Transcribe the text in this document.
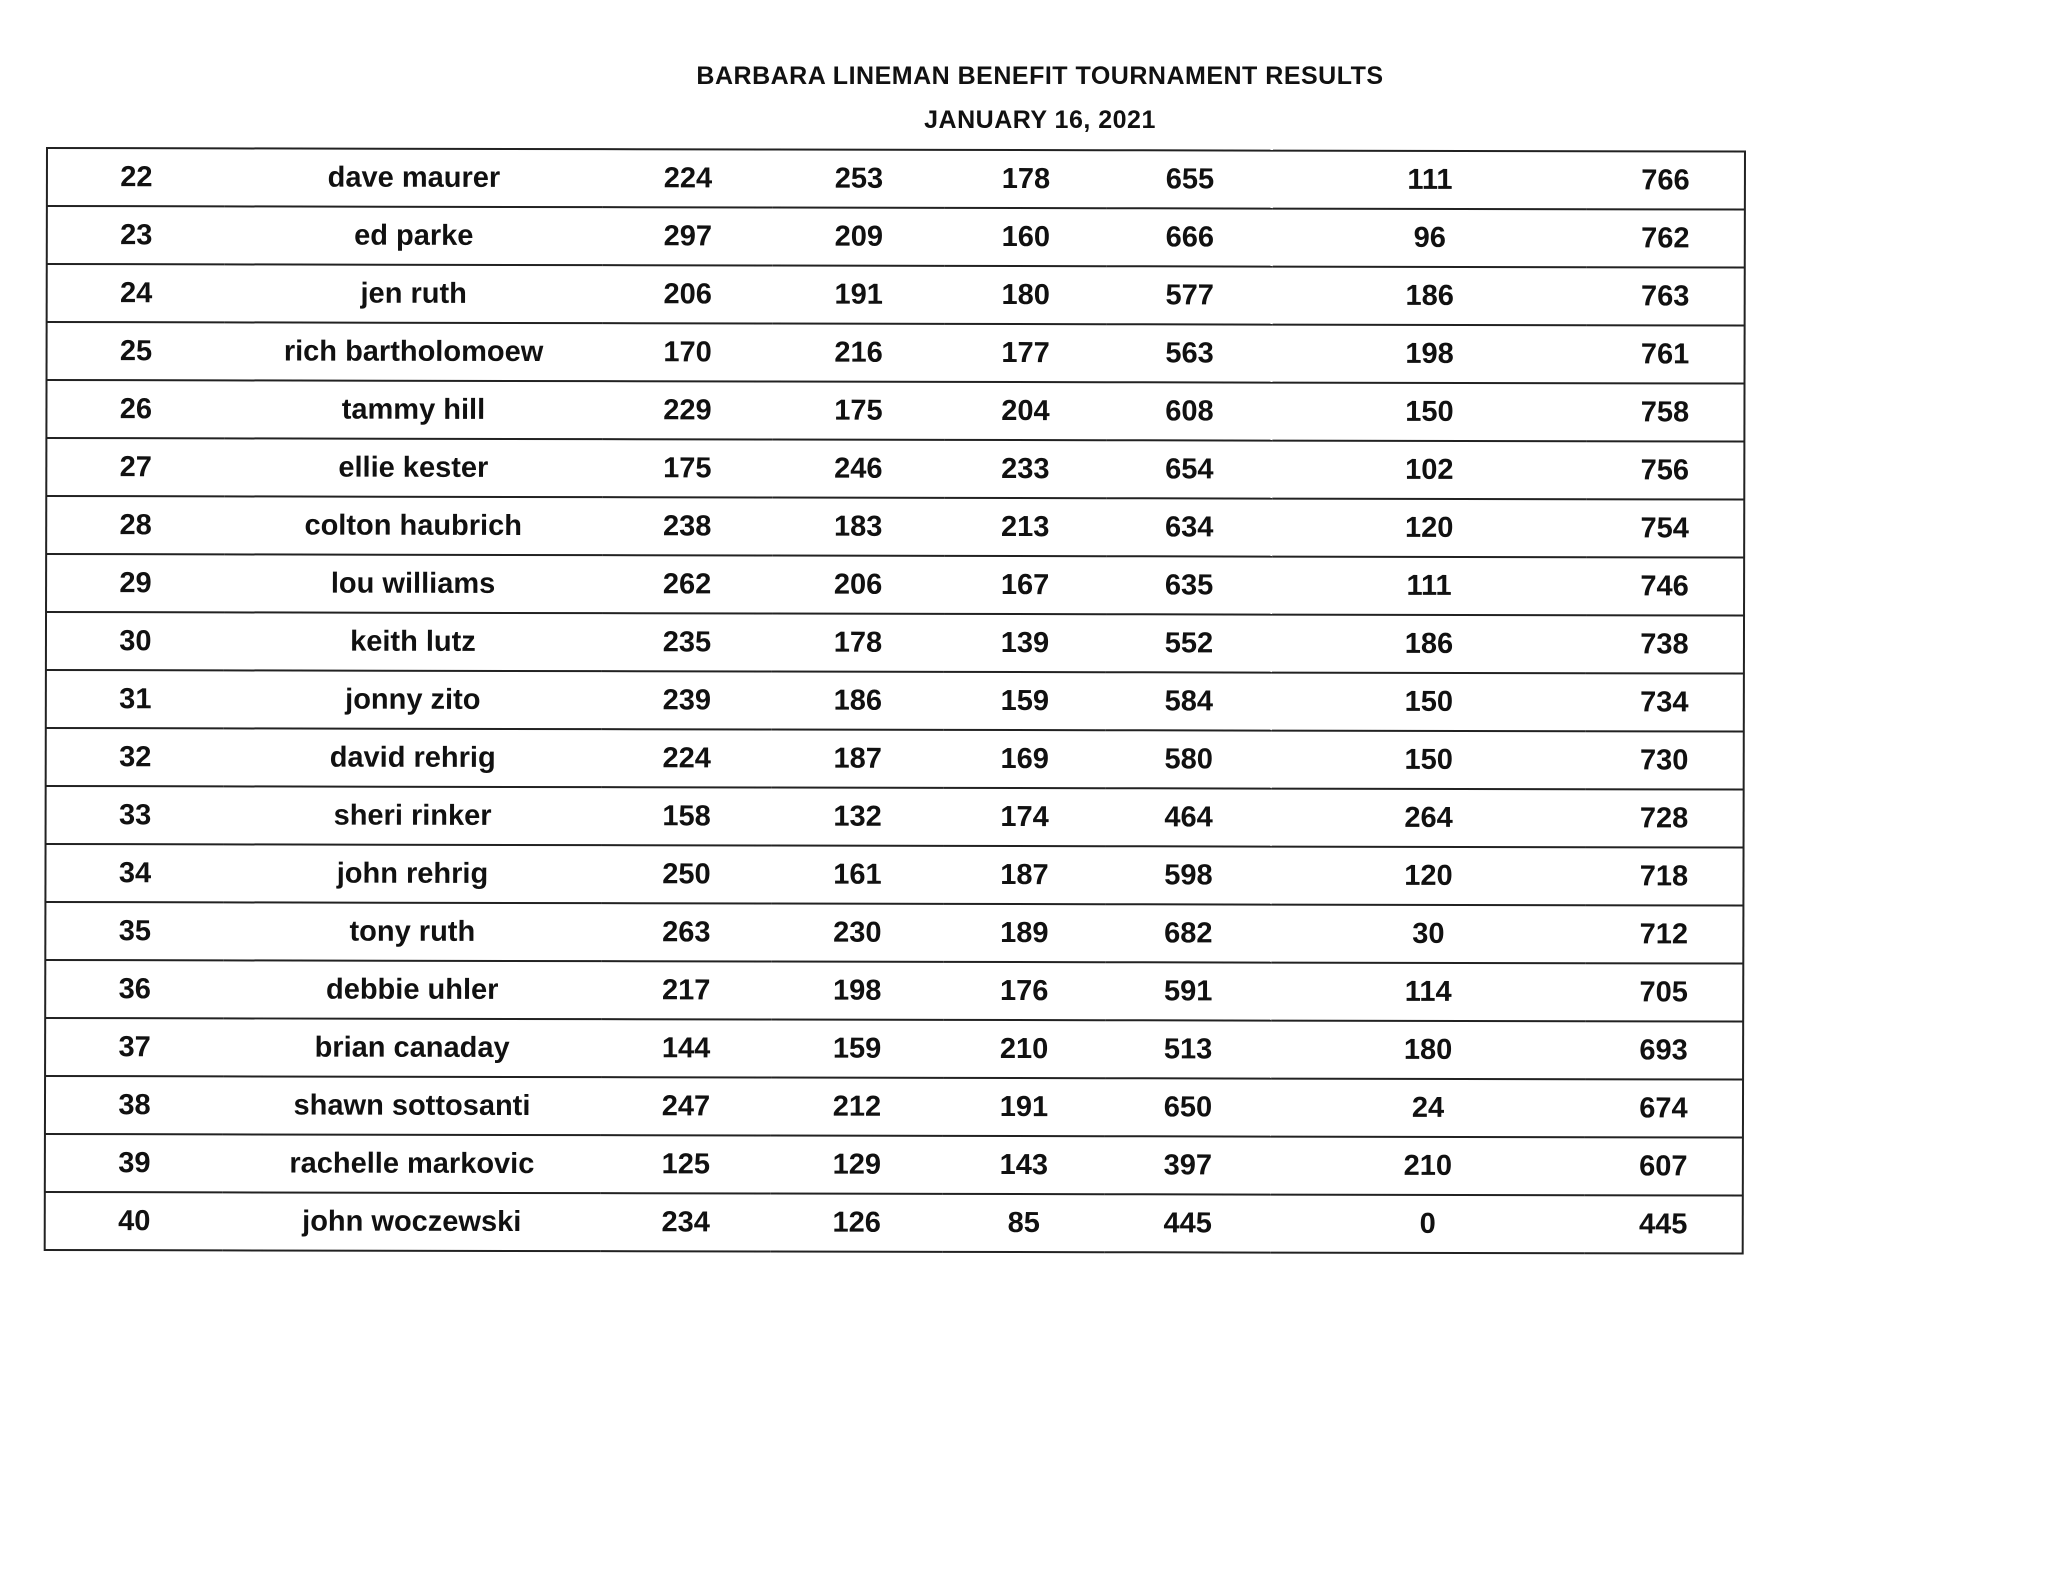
BARBARA LINEMAN BENEFIT TOURNAMENT RESULTS
JANUARY 16, 2021
22	dave maurer	224	253	178	655	111	766
23	ed parke	297	209	160	666	96	762
24	jen ruth	206	191	180	577	186	763
25	rich bartholomoew	170	216	177	563	198	761
26	tammy hill	229	175	204	608	150	758
27	ellie kester	175	246	233	654	102	756
28	colton haubrich	238	183	213	634	120	754
29	lou williams	262	206	167	635	111	746
30	keith lutz	235	178	139	552	186	738
31	jonny zito	239	186	159	584	150	734
32	david rehrig	224	187	169	580	150	730
33	sheri rinker	158	132	174	464	264	728
34	john rehrig	250	161	187	598	120	718
35	tony ruth	263	230	189	682	30	712
36	debbie uhler	217	198	176	591	114	705
37	brian canaday	144	159	210	513	180	693
38	shawn sottosanti	247	212	191	650	24	674
39	rachelle markovic	125	129	143	397	210	607
40	john woczewski	234	126	85	445	0	445
